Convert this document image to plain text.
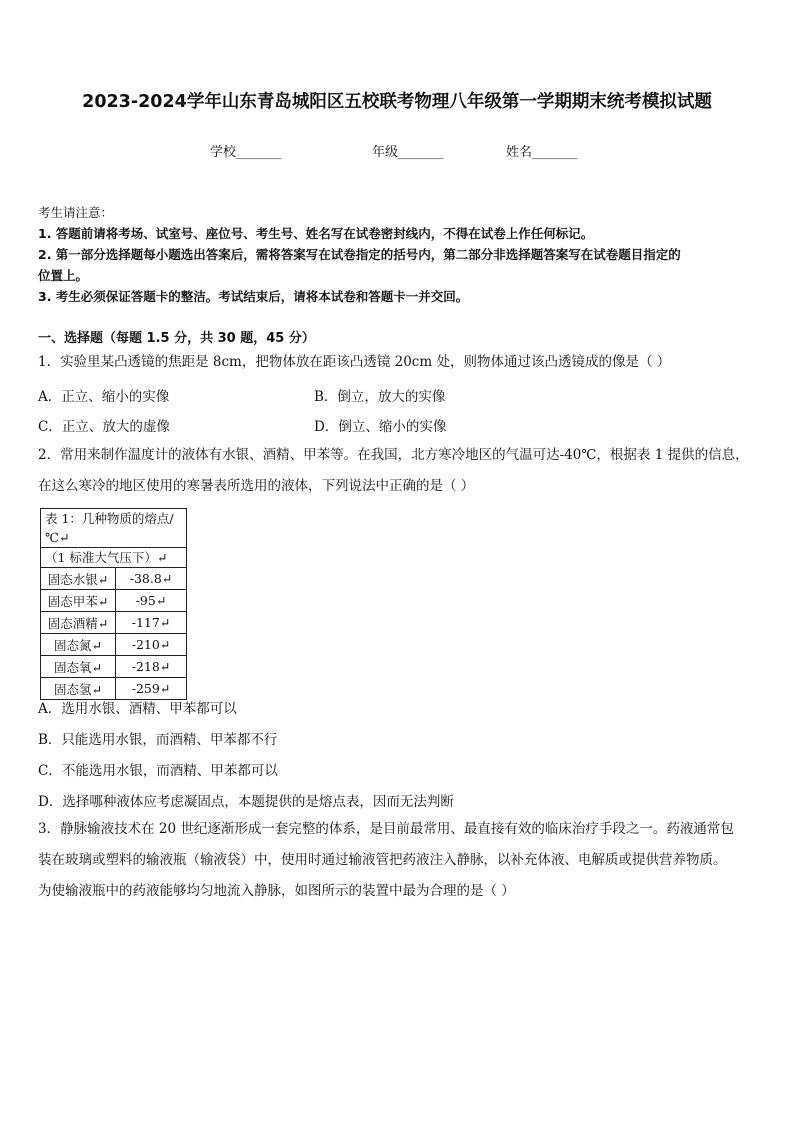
2023-2024学年山东青岛城阳区五校联考物理八年级第一学期期末统考模拟试题
学校_______	年级_______	姓名_______
考生请注意：
1. 答题前请将考场、试室号、座位号、考生号、姓名写在试卷密封线内，不得在试卷上作任何标记。
2. 第一部分选择题每小题选出答案后，需将答案写在试卷指定的括号内，第二部分非选择题答案写在试卷题目指定的
位置上。
3. 考生必须保证答题卡的整洁。考试结束后，请将本试卷和答题卡一并交回。
一、选择题（每题 1.5 分，共 30 题，45 分）
1．实验里某凸透镜的焦距是 8cm，把物体放在距该凸透镜 20cm 处，则物体通过该凸透镜成的像是（ ）
A．正立、缩小的实像	B．倒立，放大的实像
C．正立、放大的虚像	D．倒立、缩小的实像
2．常用来制作温度计的液体有水银、酒精、甲苯等。在我国，北方寒冷地区的气温可达-40℃，根据表 1 提供的信息，
在这么寒冷的地区使用的寒暑表所选用的液体，下列说法中正确的是（ ）
表 1：几种物质的熔点/℃↵	
（1 标准大气压下）↵	
固态水银↵	-38.8↵
固态甲苯↵	-95↵
固态酒精↵	-117↵
固态氮↵	-210↵
固态氧↵	-218↵
固态氢↵	-259↵
A．选用水银、酒精、甲苯都可以
B．只能选用水银，而酒精、甲苯都不行
C．不能选用水银，而酒精、甲苯都可以
D．选择哪种液体应考虑凝固点，本题提供的是熔点表，因而无法判断
3．静脉输液技术在 20 世纪逐渐形成一套完整的体系，是目前最常用、最直接有效的临床治疗手段之一。药液通常包
装在玻璃或塑料的输液瓶（输液袋）中，使用时通过输液管把药液注入静脉，以补充体液、电解质或提供营养物质。
为使输液瓶中的药液能够均匀地流入静脉，如图所示的装置中最为合理的是（ ）
